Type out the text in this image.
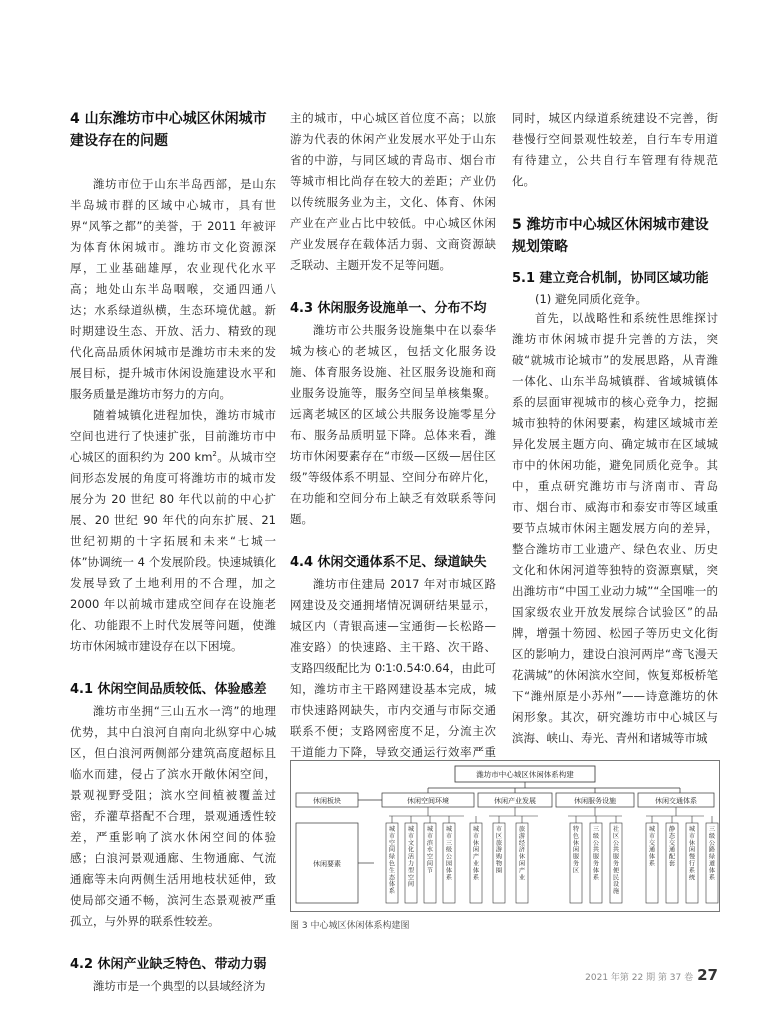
4 山东潍坊市中心城区休闲城市建设存在的问题

潍坊市位于山东半岛西部，是山东半岛城市群的区域中心城市，具有世界“风筝之都”的美誉，于 2011 年被评为体育休闲城市。潍坊市文化资源深厚，工业基础雄厚，农业现代化水平高；地处山东半岛咽喉，交通四通八达；水系绿道纵横，生态环境优越。新时期建设生态、开放、活力、精致的现代化高品质休闲城市是潍坊市未来的发展目标，提升城市休闲设施建设水平和服务质量是潍坊市努力的方向。

随着城镇化进程加快，潍坊市城市空间也进行了快速扩张，目前潍坊市中心城区的面积约为 200 $km^2$。从城市空间形态发展的角度可将潍坊市的城市发展分为 20 世纪 80 年代以前的中心扩展、20 世纪 90 年代的向东扩展、21 世纪初期的十字拓展和未来“七城一体”协调统一 4 个发展阶段。快速城镇化发展导致了土地利用的不合理，加之 2000 年以前城市建成空间存在设施老化、功能跟不上时代发展等问题，使潍坊市休闲城市建设存在以下困境。

4.1 休闲空间品质较低、体验感差

潍坊市坐拥“三山五水一湾”的地理优势，其中白浪河自南向北纵穿中心城区，但白浪河两侧部分建筑高度超标且临水而建，侵占了滨水开敞休闲空间，景观视野受阻；滨水空间植被覆盖过密，乔灌草搭配不合理，景观通透性较差，严重影响了滨水休闲空间的体验感；白浪河景观通廊、生物通廊、气流通廊等未向两侧生活用地枝状延伸，致使局部交通不畅，滨河生态景观被严重孤立，与外界的联系性较差。

4.2 休闲产业缺乏特色、带动力弱

潍坊市是一个典型的以县域经济为

主的城市，中心城区首位度不高；以旅游为代表的休闲产业发展水平处于山东省的中游，与同区域的青岛市、烟台市等城市相比尚存在较大的差距；产业仍以传统服务业为主，文化、体育、休闲产业在产业占比中较低。中心城区休闲产业发展存在载体活力弱、文商资源缺乏联动、主题开发不足等问题。

4.3 休闲服务设施单一、分布不均

潍坊市公共服务设施集中在以泰华城为核心的老城区，包括文化服务设施、体育服务设施、社区服务设施和商业服务设施等，服务空间呈单核集聚。远离老城区的区域公共服务设施零星分布、服务品质明显下降。总体来看，潍坊市休闲要素存在“市级—区级—居住区级”等级体系不明显、空间分布碎片化，在功能和空间分布上缺乏有效联系等问题。

4.4 休闲交通体系不足、绿道缺失

潍坊市住建局 2017 年对市城区路网建设及交通拥堵情况调研结果显示，城区内（青银高速—宝通街—长松路—准安路）的快速路、主干路、次干路、支路四级配比为 0∶1∶0.54∶0.64，由此可知，潍坊市主干路网建设基本完成，城市快速路网缺失，市内交通与市际交通联系不便；支路网密度不足，分流主次干道能力下降，导致交通运行效率严重

同时，城区内绿道系统建设不完善，街巷慢行空间景观性较差，自行车专用道有待建立，公共自行车管理有待规范化。

5 潍坊市中心城区休闲城市建设规划策略
5.1 建立竞合机制，协同区域功能

(1) 避免同质化竞争。

首先，以战略性和系统性思维探讨潍坊市休闲城市提升完善的方法，突破“就城市论城市”的发展思路，从青潍一体化、山东半岛城镇群、省域城镇体系的层面审视城市的核心竞争力，挖掘城市独特的休闲要素，构建区域城市差异化发展主题方向、确定城市在区域城市中的休闲功能，避免同质化竞争。其中，重点研究潍坊市与济南市、青岛市、烟台市、威海市和泰安市等区域重要节点城市休闲主题发展方向的差异，整合潍坊市工业遗产、绿色农业、历史文化和休闲河道等独特的资源禀赋，突出潍坊市“中国工业动力城”“全国唯一的国家级农业开放发展综合试验区”的品牌，增强十笏园、松园子等历史文化街区的影响力，建设白浪河两岸“鸢飞漫天花满城”的休闲滨水空间，恢复郑板桥笔下“潍州原是小苏州”——诗意潍坊的休闲形象。其次，研究潍坊市中心城区与滨海、峡山、寿光、青州和诸城等市城

潍坊市中心城区休闲体系构建
休闲板块
休闲要素
休闲空间环境	休闲产业发展	休闲服务设施	休闲交通体系
城市空间绿色生态体系
城市文化活力型空间
城市滨水空间节
城市三级公园体系
城市休闲产业体系
市区旅游购物圈
旅游经济休闲产业
特色休闲服务区
三级公共服务体系
社区公共服务便民设施
城市交通体系
静态交通配套
城市休闲慢行系统
三级公路绿道体系
图 3 中心城区休闲体系构建图
2021 年第 22 期 第 37 卷 27
